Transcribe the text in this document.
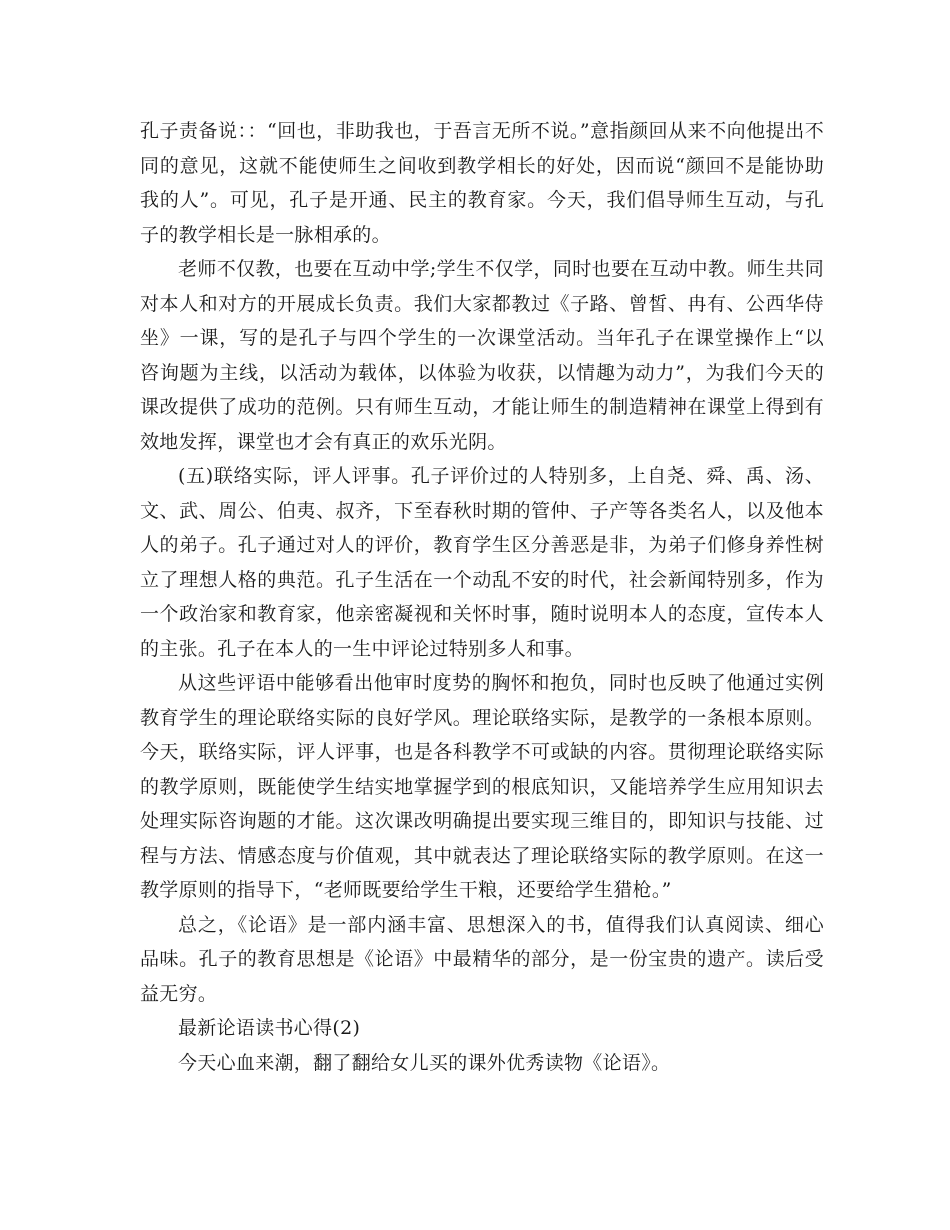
孔子责备说：：“回也，非助我也，于吾言无所不说。”意指颜回从来不向他提出不同的意见，这就不能使师生之间收到教学相长的好处，因而说“颜回不是能协助我的人”。可见，孔子是开通、民主的教育家。今天，我们倡导师生互动，与孔子的教学相长是一脉相承的。

老师不仅教，也要在互动中学;学生不仅学，同时也要在互动中教。师生共同对本人和对方的开展成长负责。我们大家都教过《子路、曾皙、冉有、公西华侍坐》一课，写的是孔子与四个学生的一次课堂活动。当年孔子在课堂操作上“以咨询题为主线，以活动为载体，以体验为收获，以情趣为动力”，为我们今天的课改提供了成功的范例。只有师生互动，才能让师生的制造精神在课堂上得到有效地发挥，课堂也才会有真正的欢乐光阴。

(五)联络实际，评人评事。孔子评价过的人特别多，上自尧、舜、禹、汤、文、武、周公、伯夷、叔齐，下至春秋时期的管仲、子产等各类名人，以及他本人的弟子。孔子通过对人的评价，教育学生区分善恶是非，为弟子们修身养性树立了理想人格的典范。孔子生活在一个动乱不安的时代，社会新闻特别多，作为一个政治家和教育家，他亲密凝视和关怀时事，随时说明本人的态度，宣传本人的主张。孔子在本人的一生中评论过特别多人和事。

从这些评语中能够看出他审时度势的胸怀和抱负，同时也反映了他通过实例教育学生的理论联络实际的良好学风。理论联络实际，是教学的一条根本原则。今天，联络实际，评人评事，也是各科教学不可或缺的内容。贯彻理论联络实际的教学原则，既能使学生结实地掌握学到的根底知识，又能培养学生应用知识去处理实际咨询题的才能。这次课改明确提出要实现三维目的，即知识与技能、过程与方法、情感态度与价值观，其中就表达了理论联络实际的教学原则。在这一教学原则的指导下，“老师既要给学生干粮，还要给学生猎枪。”

总之，《论语》是一部内涵丰富、思想深入的书，值得我们认真阅读、细心品味。孔子的教育思想是《论语》中最精华的部分，是一份宝贵的遗产。读后受益无穷。

最新论语读书心得(2)

今天心血来潮，翻了翻给女儿买的课外优秀读物《论语》。
